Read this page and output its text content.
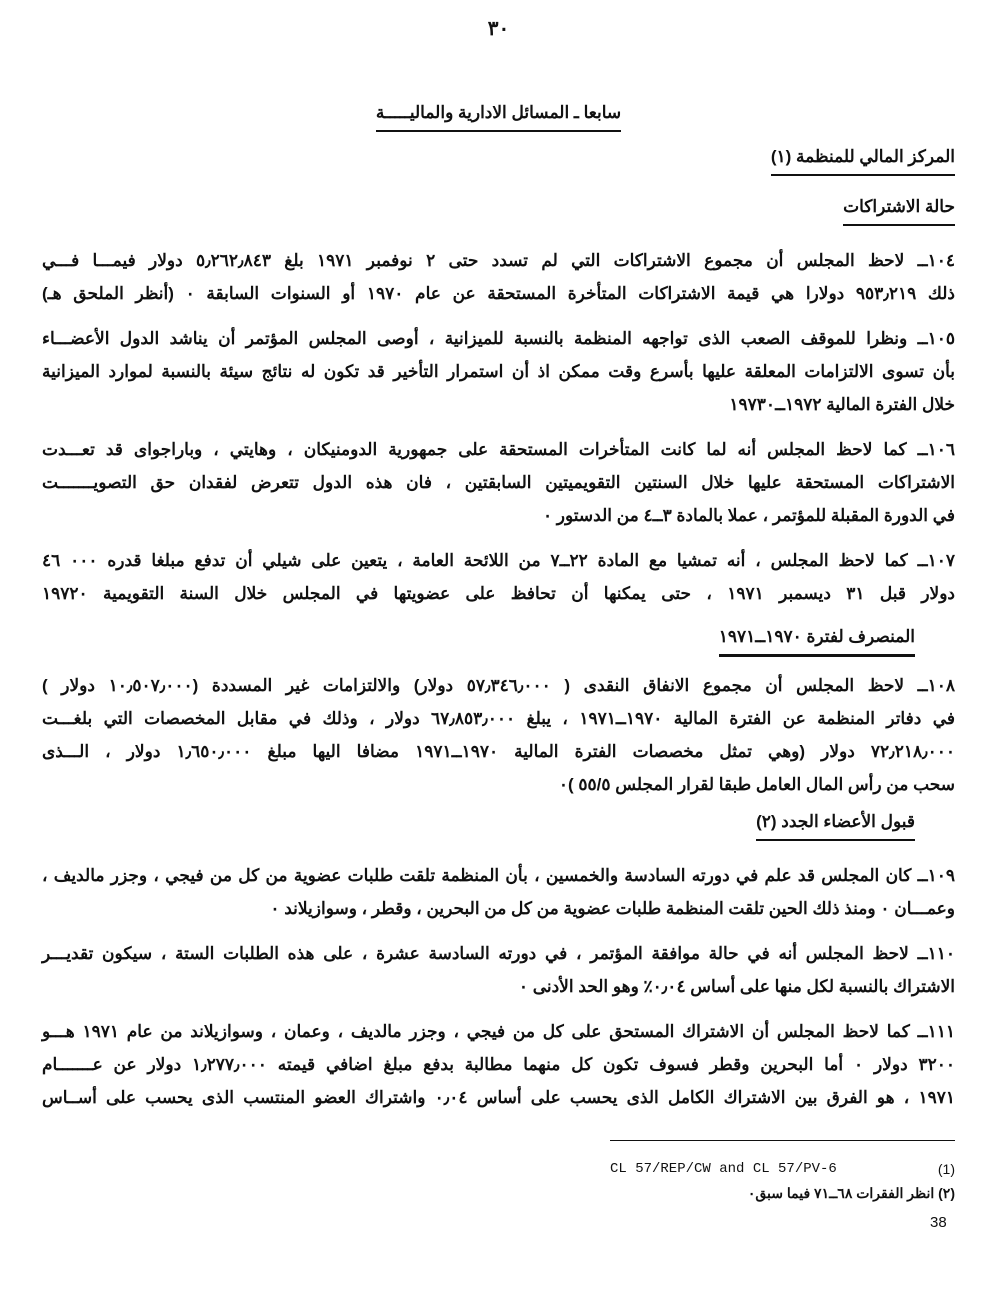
٣٠
سابعا ـ المسائل الادارية والماليـــــة
المركز المالي للمنظمة (١)
حالة الاشتراكات
١٠٤ــ لاحظ المجلس أن مجموع الاشتراكات التي لم تسدد حتى ٢ نوفمبر ١٩٧١ بلغ ٥٫٢٦٢٫٨٤٣ دولار فيمـــا فـــي
ذلك ٩٥٣٫٢١٩ دولارا هي قيمة الاشتراكات المتأخرة المستحقة عن عام ١٩٧٠ أو السنوات السابقة ٠ (أنظر الملحق هـ)
١٠٥ــ ونظرا للموقف الصعب الذى تواجهه المنظمة بالنسبة للميزانية ، أوصى المجلس المؤتمر أن يناشد الدول الأعضـــاء
بأن تسوى الالتزامات المعلقة عليها بأسرع وقت ممكن اذ أن استمرار التأخير قد تكون له نتائج سيئة بالنسبة لموارد الميزانية
خلال الفترة المالية ١٩٧٢ــ١٩٧٣٠
١٠٦ــ كما لاحظ المجلس أنه لما كانت المتأخرات المستحقة على جمهورية الدومنيكان ، وهايتي ، وباراجواى قد تعـــدت
الاشتراكات المستحقة عليها خلال السنتين التقويميتين السابقتين ، فان هذه الدول تتعرض لفقدان حق التصويـــــــت
في الدورة المقبلة للمؤتمر ، عملا بالمادة ٣ــ٤ من الدستور ٠
١٠٧ــ كما لاحظ المجلس ، أنه تمشيا مع المادة ٢٢ــ٧ من اللائحة العامة ، يتعين على شيلي أن تدفع مبلغا قدره ٠٠٠ ٤٦
دولار قبل ٣١ ديسمبر ١٩٧١ ، حتى يمكنها أن تحافظ على عضويتها في المجلس خلال السنة التقويمية ١٩٧٢٠
المنصرف لفترة ١٩٧٠ــ١٩٧١
١٠٨ــ لاحظ المجلس أن مجموع الانفاق النقدى ( ٥٧٫٣٤٦٫٠٠٠ دولار) والالتزامات غير المسددة (١٠٫٥٠٧٫٠٠٠ دولار )
في دفاتر المنظمة عن الفترة المالية ١٩٧٠ــ١٩٧١ ، يبلغ ٦٧٫٨٥٣٫٠٠٠ دولار ، وذلك في مقابل المخصصات التي بلغـــت
٧٢٫٢١٨٫٠٠٠ دولار (وهي تمثل مخصصات الفترة المالية ١٩٧٠ــ١٩٧١ مضافا اليها مبلغ ١٫٦٥٠٫٠٠٠ دولار ، الـــذى
سحب من رأس المال العامل طبقا لقرار المجلس ٥٥/٥ )٠
قبول الأعضاء الجدد (٢)
١٠٩ــ كان المجلس قد علم في دورته السادسة والخمسين ، بأن المنظمة تلقت طلبات عضوية من كل من فيجي ، وجزر مالديف ،
وعمـــان ٠ ومنذ ذلك الحين تلقت المنظمة طلبات عضوية من كل من البحرين ، وقطر ، وسوازيلاند ٠
١١٠ــ لاحظ المجلس أنه في حالة موافقة المؤتمر ، في دورته السادسة عشرة ، على هذه الطلبات الستة ، سيكون تقديـــر
الاشتراك بالنسبة لكل منها على أساس ٠٫٠٤٪ وهو الحد الأدنى ٠
١١١ــ كما لاحظ المجلس أن الاشتراك المستحق على كل من فيجي ، وجزر مالديف ، وعمان ، وسوازيلاند من عام ١٩٧١ هـــو
٣٢٠٠ دولار ٠ أما البحرين وقطر فسوف تكون كل منهما مطالبة بدفع مبلغ اضافي قيمته ١٫٢٧٧٫٠٠٠ دولار عن عـــــــام
١٩٧١ ، هو الفرق بين الاشتراك الكامل الذى يحسب على أساس ٠٫٠٤ واشتراك العضو المنتسب الذى يحسب على أســاس
CL 57/REP/CW and CL 57/PV-6	(1)
(٢) انظر الفقرات ٦٨ــ٧١ فيما سبق٠
38
